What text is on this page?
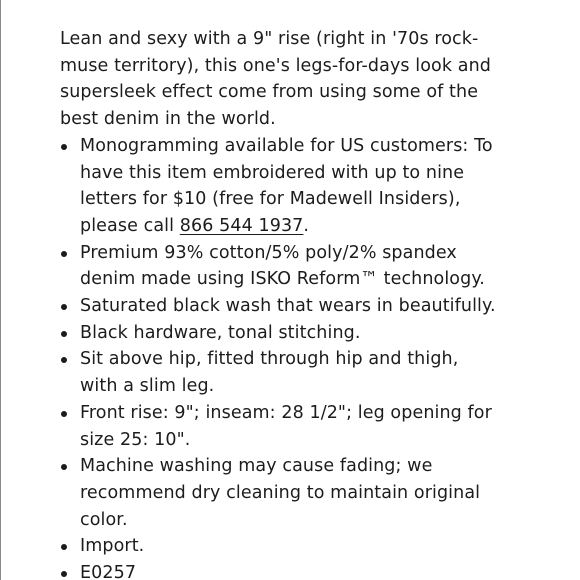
Lean and sexy with a 9" rise (right in '70s rock-muse territory), this one's legs-for-days look and supersleek effect come from using some of the best denim in the world.

Monogramming available for US customers: To have this item embroidered with up to nine letters for $10 (free for Madewell Insiders), please call 866 544 1937.
Premium 93% cotton/5% poly/2% spandex denim made using ISKO Reform™ technology.
Saturated black wash that wears in beautifully.
Black hardware, tonal stitching.
Sit above hip, fitted through hip and thigh, with a slim leg.
Front rise: 9"; inseam: 28 1/2"; leg opening for size 25: 10".
Machine washing may cause fading; we recommend dry cleaning to maintain original color.
Import.
E0257
